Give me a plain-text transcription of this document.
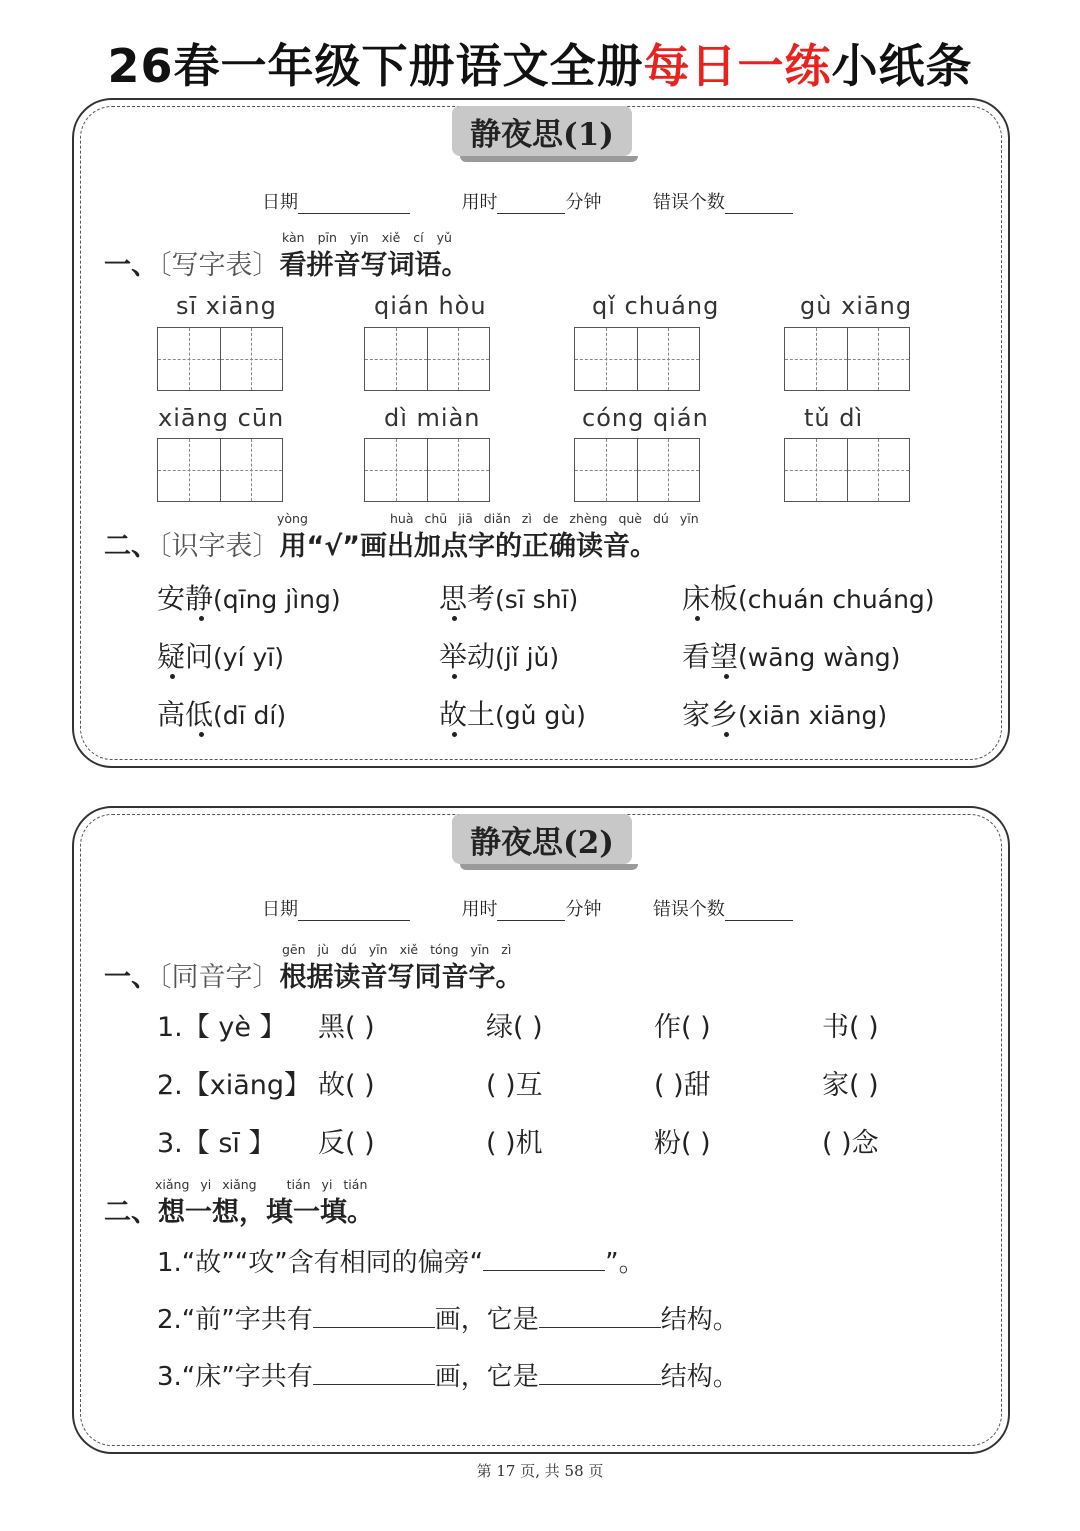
26春一年级下册语文全册每日一练小纸条
静夜思(1)
日期	用时	分钟	错误个数
kàn pīn yīn xiě cí yǔ
一、〔写字表〕看拼音写词语。
sī xiāng	qián hòu	qǐ chuáng	gù xiāng
xiāng cūn	dì miàn	cóng qián	tǔ dì
yòng	huà chū jiā diǎn zì de zhèng què dú yīn
二、〔识字表〕用“√”画出加点字的正确读音。
安静(qīng jìng)	思考(sī shī)	床板(chuán chuáng)
疑问(yí yī)	举动(jǐ jǔ)	看望(wāng wàng)
高低(dī dí)	故土(gǔ gù)	家乡(xiān xiāng)
静夜思(2)
日期	用时	分钟	错误个数
gēn jù dú yīn xiě tóng yīn zì
一、〔同音字〕根据读音写同音字。
1.【 yè 】 黑( )	绿( )	作( )	书( )
2.【xiāng】 故( )	( )互	( )甜	家( )
3.【 sī 】 反( )	( )机	粉( )	( )念
xiǎng yi xiǎng tián yi tián
二、想一想，填一填。
1.“故”“攻”含有相同的偏旁“	”。
2.“前”字共有	画，它是	结构。
3.“床”字共有	画，它是	结构。
第 17 页, 共 58 页
